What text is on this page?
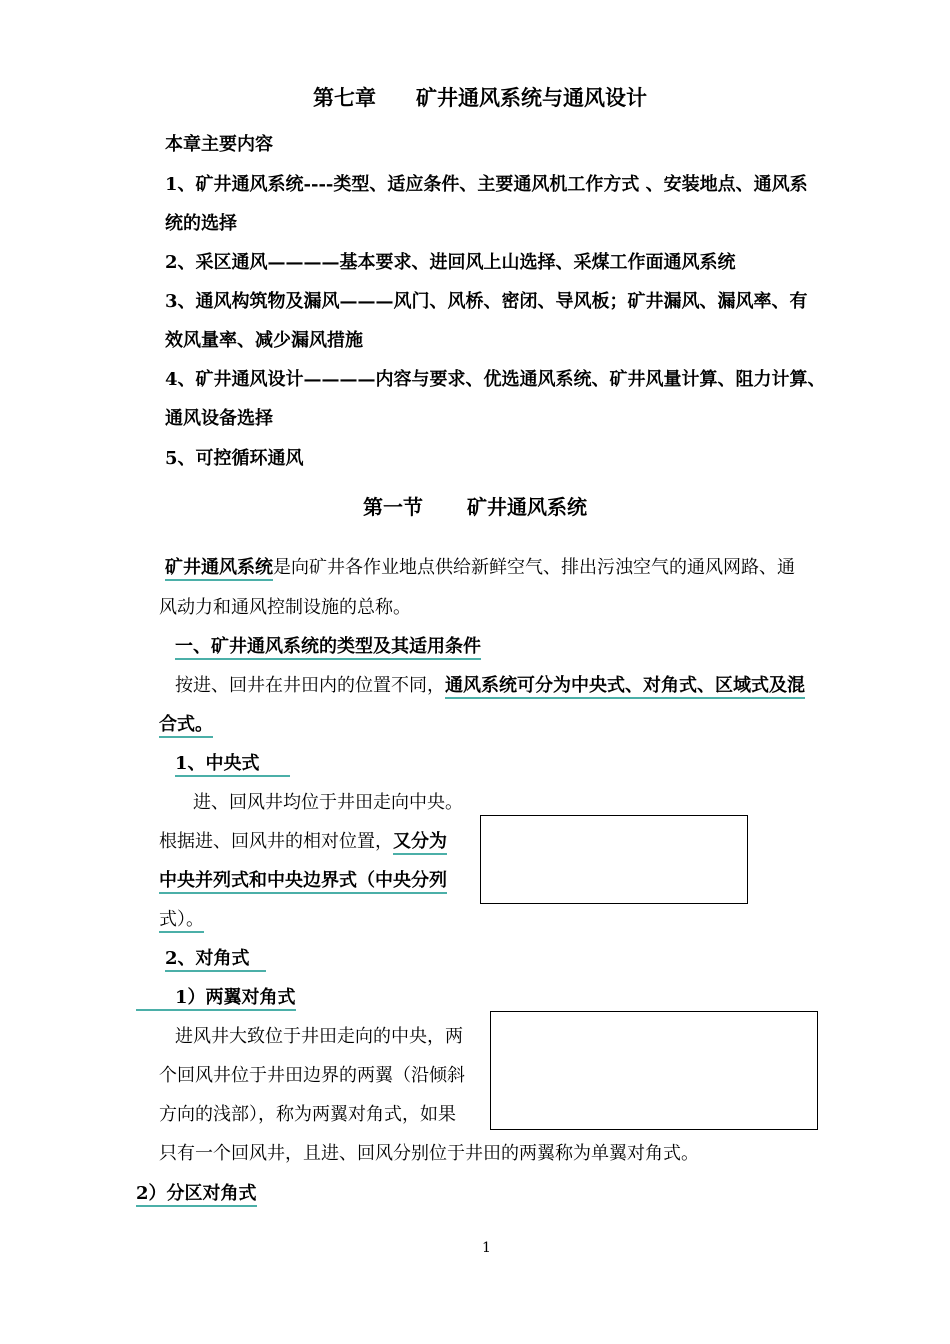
第七章 矿井通风系统与通风设计
本章主要内容
1、矿井通风系统----类型、适应条件、主要通风机工作方式 、安装地点、通风系
统的选择
2、采区通风————基本要求、进回风上山选择、采煤工作面通风系统
3、通风构筑物及漏风———风门、风桥、密闭、导风板；矿井漏风、漏风率、有
效风量率、减少漏风措施
4、矿井通风设计————内容与要求、优选通风系统、矿井风量计算、阻力计算、
通风设备选择
5、可控循环通风
第一节 矿井通风系统
矿井通风系统是向矿井各作业地点供给新鲜空气、排出污浊空气的通风网路、通
风动力和通风控制设施的总称。
一、矿井通风系统的类型及其适用条件
按进、回井在井田内的位置不同，通风系统可分为中央式、对角式、区域式及混
合式。
1、中央式
进、回风井均位于井田走向中央。
根据进、回风井的相对位置，又分为
中央并列式和中央边界式（中央分列
式）。
2、对角式
1）两翼对角式
进风井大致位于井田走向的中央，两
个回风井位于井田边界的两翼（沿倾斜
方向的浅部），称为两翼对角式，如果
只有一个回风井，且进、回风分别位于井田的两翼称为单翼对角式。
2）分区对角式
1
